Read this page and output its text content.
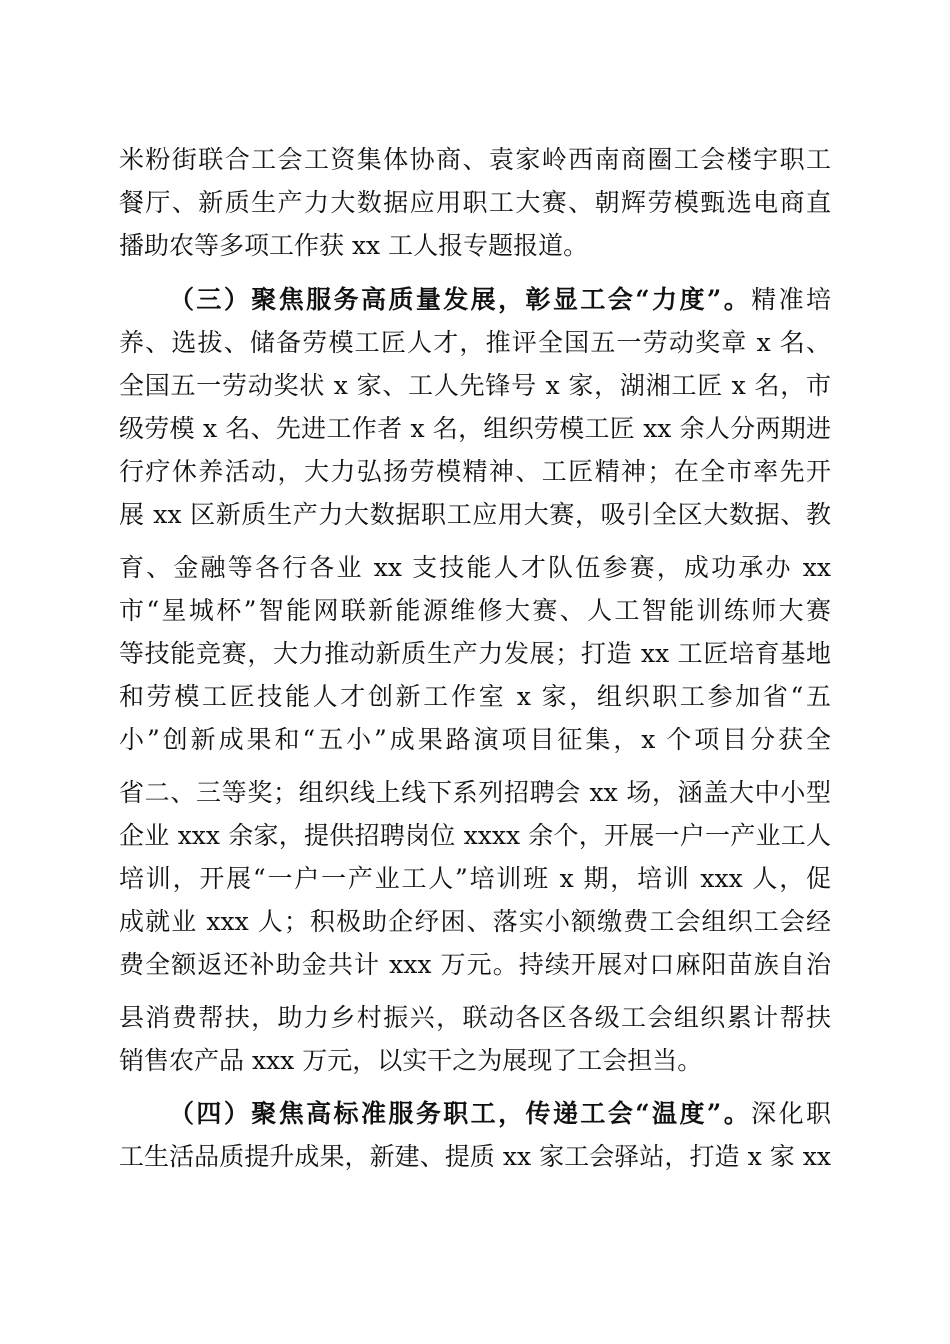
米粉街联合工会工资集体协商、袁家岭西南商圈工会楼宇职工
餐厅、新质生产力大数据应用职工大赛、朝辉劳模甄选电商直
播助农等多项工作获 xx 工人报专题报道。
（三）聚焦服务高质量发展，彰显工会“力度”。精准培
养、选拔、储备劳模工匠人才，推评全国五一劳动奖章 x 名、
全国五一劳动奖状 x 家、工人先锋号 x 家，湖湘工匠 x 名，市
级劳模 x 名、先进工作者 x 名，组织劳模工匠 xx 余人分两期进
行疗休养活动，大力弘扬劳模精神、工匠精神；在全市率先开
展 xx 区新质生产力大数据职工应用大赛，吸引全区大数据、教
育、金融等各行各业 xx 支技能人才队伍参赛，成功承办 xx
市“星城杯”智能网联新能源维修大赛、人工智能训练师大赛
等技能竞赛，大力推动新质生产力发展；打造 xx 工匠培育基地
和劳模工匠技能人才创新工作室 x 家，组织职工参加省“五
小”创新成果和“五小”成果路演项目征集，x 个项目分获全
省二、三等奖；组织线上线下系列招聘会 xx 场，涵盖大中小型
企业 xxx 余家，提供招聘岗位 xxxx 余个，开展一户一产业工人
培训，开展“一户一产业工人”培训班 x 期，培训 xxx 人，促
成就业 xxx 人；积极助企纾困、落实小额缴费工会组织工会经
费全额返还补助金共计 xxx 万元。持续开展对口麻阳苗族自治
县消费帮扶，助力乡村振兴，联动各区各级工会组织累计帮扶
销售农产品 xxx 万元，以实干之为展现了工会担当。
（四）聚焦高标准服务职工，传递工会“温度”。深化职
工生活品质提升成果，新建、提质 xx 家工会驿站，打造 x 家 xx
